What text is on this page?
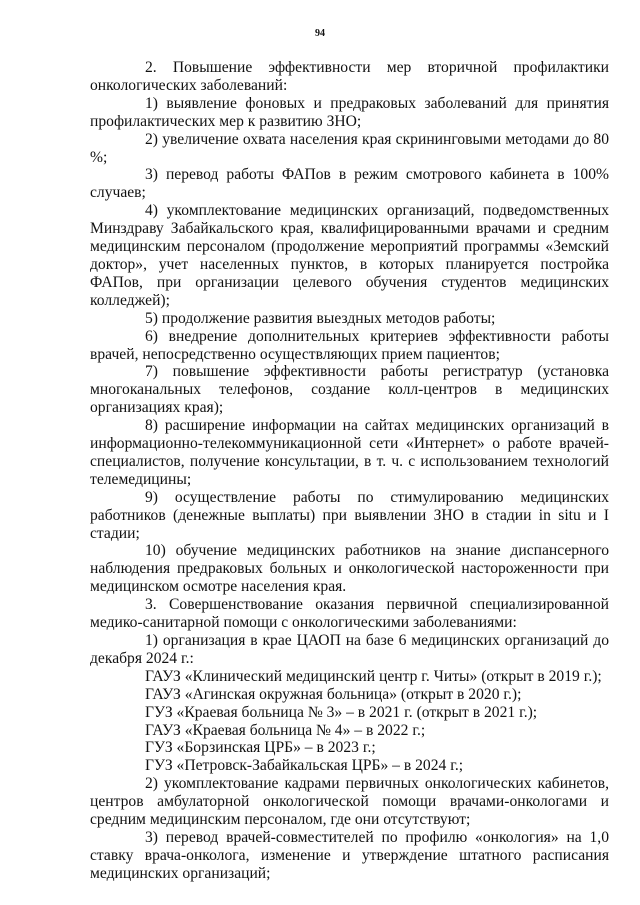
94

2. Повышение эффективности мер вторичной профилактики онкологических заболеваний:

1) выявление фоновых и предраковых заболеваний для принятия профилактических мер к развитию ЗНО;

2) увеличение охвата населения края скрининговыми методами до 80 %;

3) перевод работы ФАПов в режим смотрового кабинета в 100% случаев;

4) укомплектование медицинских организаций, подведомственных Минздраву Забайкальского края, квалифицированными врачами и средним медицинским персоналом (продолжение мероприятий программы «Земский доктор», учет населенных пунктов, в которых планируется постройка ФАПов, при организации целевого обучения студентов медицинских колледжей);

5) продолжение развития выездных методов работы;

6) внедрение дополнительных критериев эффективности работы врачей, непосредственно осуществляющих прием пациентов;

7) повышение эффективности работы регистратур (установка многоканальных телефонов, создание колл-центров в медицинских организациях края);

8) расширение информации на сайтах медицинских организаций в информационно-телекоммуникационной сети «Интернет» о работе врачей-специалистов, получение консультации, в т. ч. с использованием технологий телемедицины;

9) осуществление работы по стимулированию медицинских работников (денежные выплаты) при выявлении ЗНО в стадии in situ и I стадии;

10) обучение медицинских работников на знание диспансерного наблюдения предраковых больных и онкологической настороженности при медицинском осмотре населения края.

3. Совершенствование оказания первичной специализированной медико-санитарной помощи с онкологическими заболеваниями:

1) организация в крае ЦАОП на базе 6 медицинских организаций до декабря 2024 г.:

ГАУЗ «Клинический медицинский центр г. Читы» (открыт в 2019 г.);

ГАУЗ «Агинская окружная больница» (открыт в 2020 г.);

ГУЗ «Краевая больница № 3» – в 2021 г. (открыт в 2021 г.);

ГАУЗ «Краевая больница № 4» – в 2022 г.;

ГУЗ «Борзинская ЦРБ» – в 2023 г.;

ГУЗ «Петровск-Забайкальская ЦРБ» – в 2024 г.;

2) укомплектование кадрами первичных онкологических кабинетов, центров амбулаторной онкологической помощи врачами-онкологами и средним медицинским персоналом, где они отсутствуют;

3) перевод врачей-совместителей по профилю «онкология» на 1,0 ставку врача-онколога, изменение и утверждение штатного расписания медицинских организаций;
